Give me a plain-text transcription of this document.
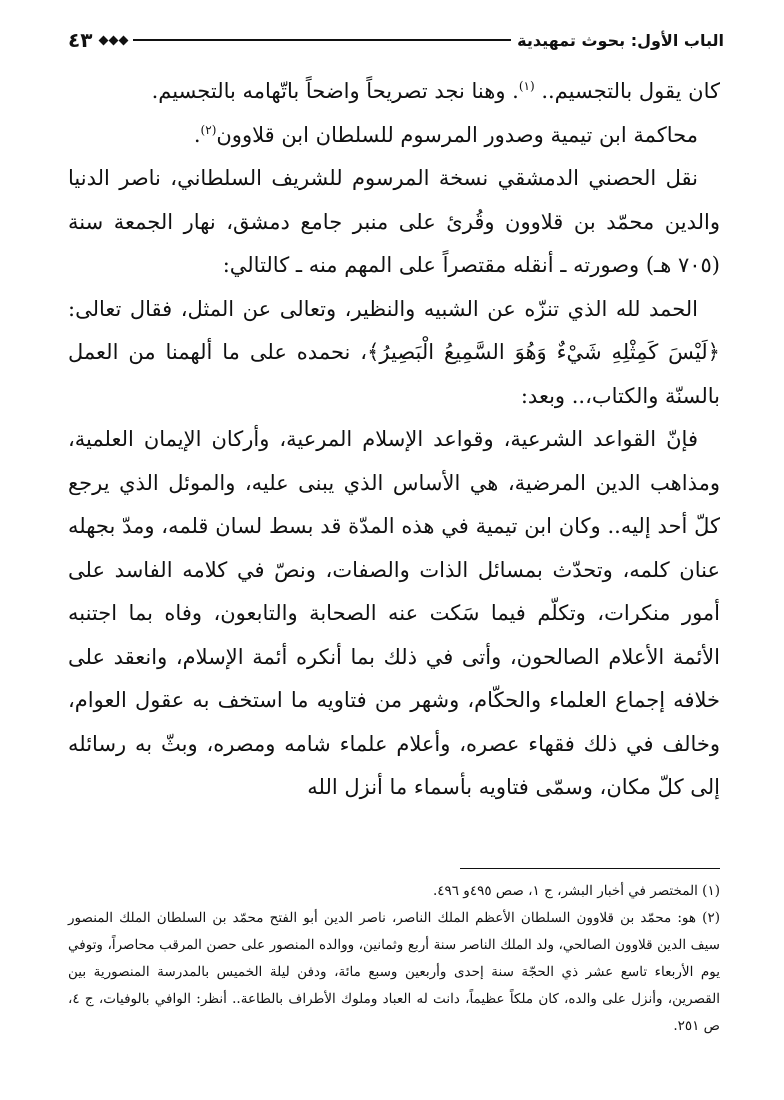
٤٣	الباب الأول: بحوث تمهيدية

كان يقول بالتجسيم.. $^{(١)}$. وهنا نجد تصريحاً واضحاً باتّهامه بالتجسيم.

محاكمة ابن تيمية وصدور المرسوم للسلطان ابن قلاوون$^{(٢)}$.

نقل الحصني الدمشقي نسخة المرسوم للشريف السلطاني، ناصر الدنيا والدين محمّد بن قلاوون وقُرئ على منبر جامع دمشق، نهار الجمعة سنة (٧٠٥ هـ) وصورته ـ أنقله مقتصراً على المهم منه ـ كالتالي:

الحمد لله الذي تنزّه عن الشبيه والنظير، وتعالى عن المثل، فقال تعالى: ﴿لَيْسَ كَمِثْلِهِ شَيْءٌ وَهُوَ السَّمِيعُ الْبَصِيرُ﴾، نحمده على ما ألهمنا من العمل بالسنّة والكتاب،.. وبعد:

فإنّ القواعد الشرعية، وقواعد الإسلام المرعية، وأركان الإيمان العلمية، ومذاهب الدين المرضية، هي الأساس الذي يبنى عليه، والموئل الذي يرجع كلّ أحد إليه.. وكان ابن تيمية في هذه المدّة قد بسط لسان قلمه، ومدّ بجهله عنان كلمه، وتحدّث بمسائل الذات والصفات، ونصّ في كلامه الفاسد على أمور منكرات، وتكلّم فيما سَكت عنه الصحابة والتابعون، وفاه بما اجتنبه الأئمة الأعلام الصالحون، وأتى في ذلك بما أنكره أئمة الإسلام، وانعقد على خلافه إجماع العلماء والحكّام، وشهر من فتاويه ما استخف به عقول العوام، وخالف في ذلك فقهاء عصره، وأعلام علماء شامه ومصره، وبثّ به رسائله إلى كلّ مكان، وسمّى فتاويه بأسماء ما أنزل الله

(١) المختصر في أخبار البشر، ج ١، صص ٤٩٥و ٤٩٦.

(٢) هو: محمّد بن قلاوون السلطان الأعظم الملك الناصر، ناصر الدين أبو الفتح محمّد بن السلطان الملك المنصور سيف الدين قلاوون الصالحي، ولد الملك الناصر سنة أربع وثمانين، ووالده المنصور على حصن المرقب محاصراً، وتوفي يوم الأربعاء تاسع عشر ذي الحجّة سنة إحدى وأربعين وسبع مائة، ودفن ليلة الخميس بالمدرسة المنصورية بين القصرين، وأنزل على والده، كان ملكاً عظيماً، دانت له العباد وملوك الأطراف بالطاعة.. أنظر: الوافي بالوفيات، ج ٤، ص ٢٥١.
